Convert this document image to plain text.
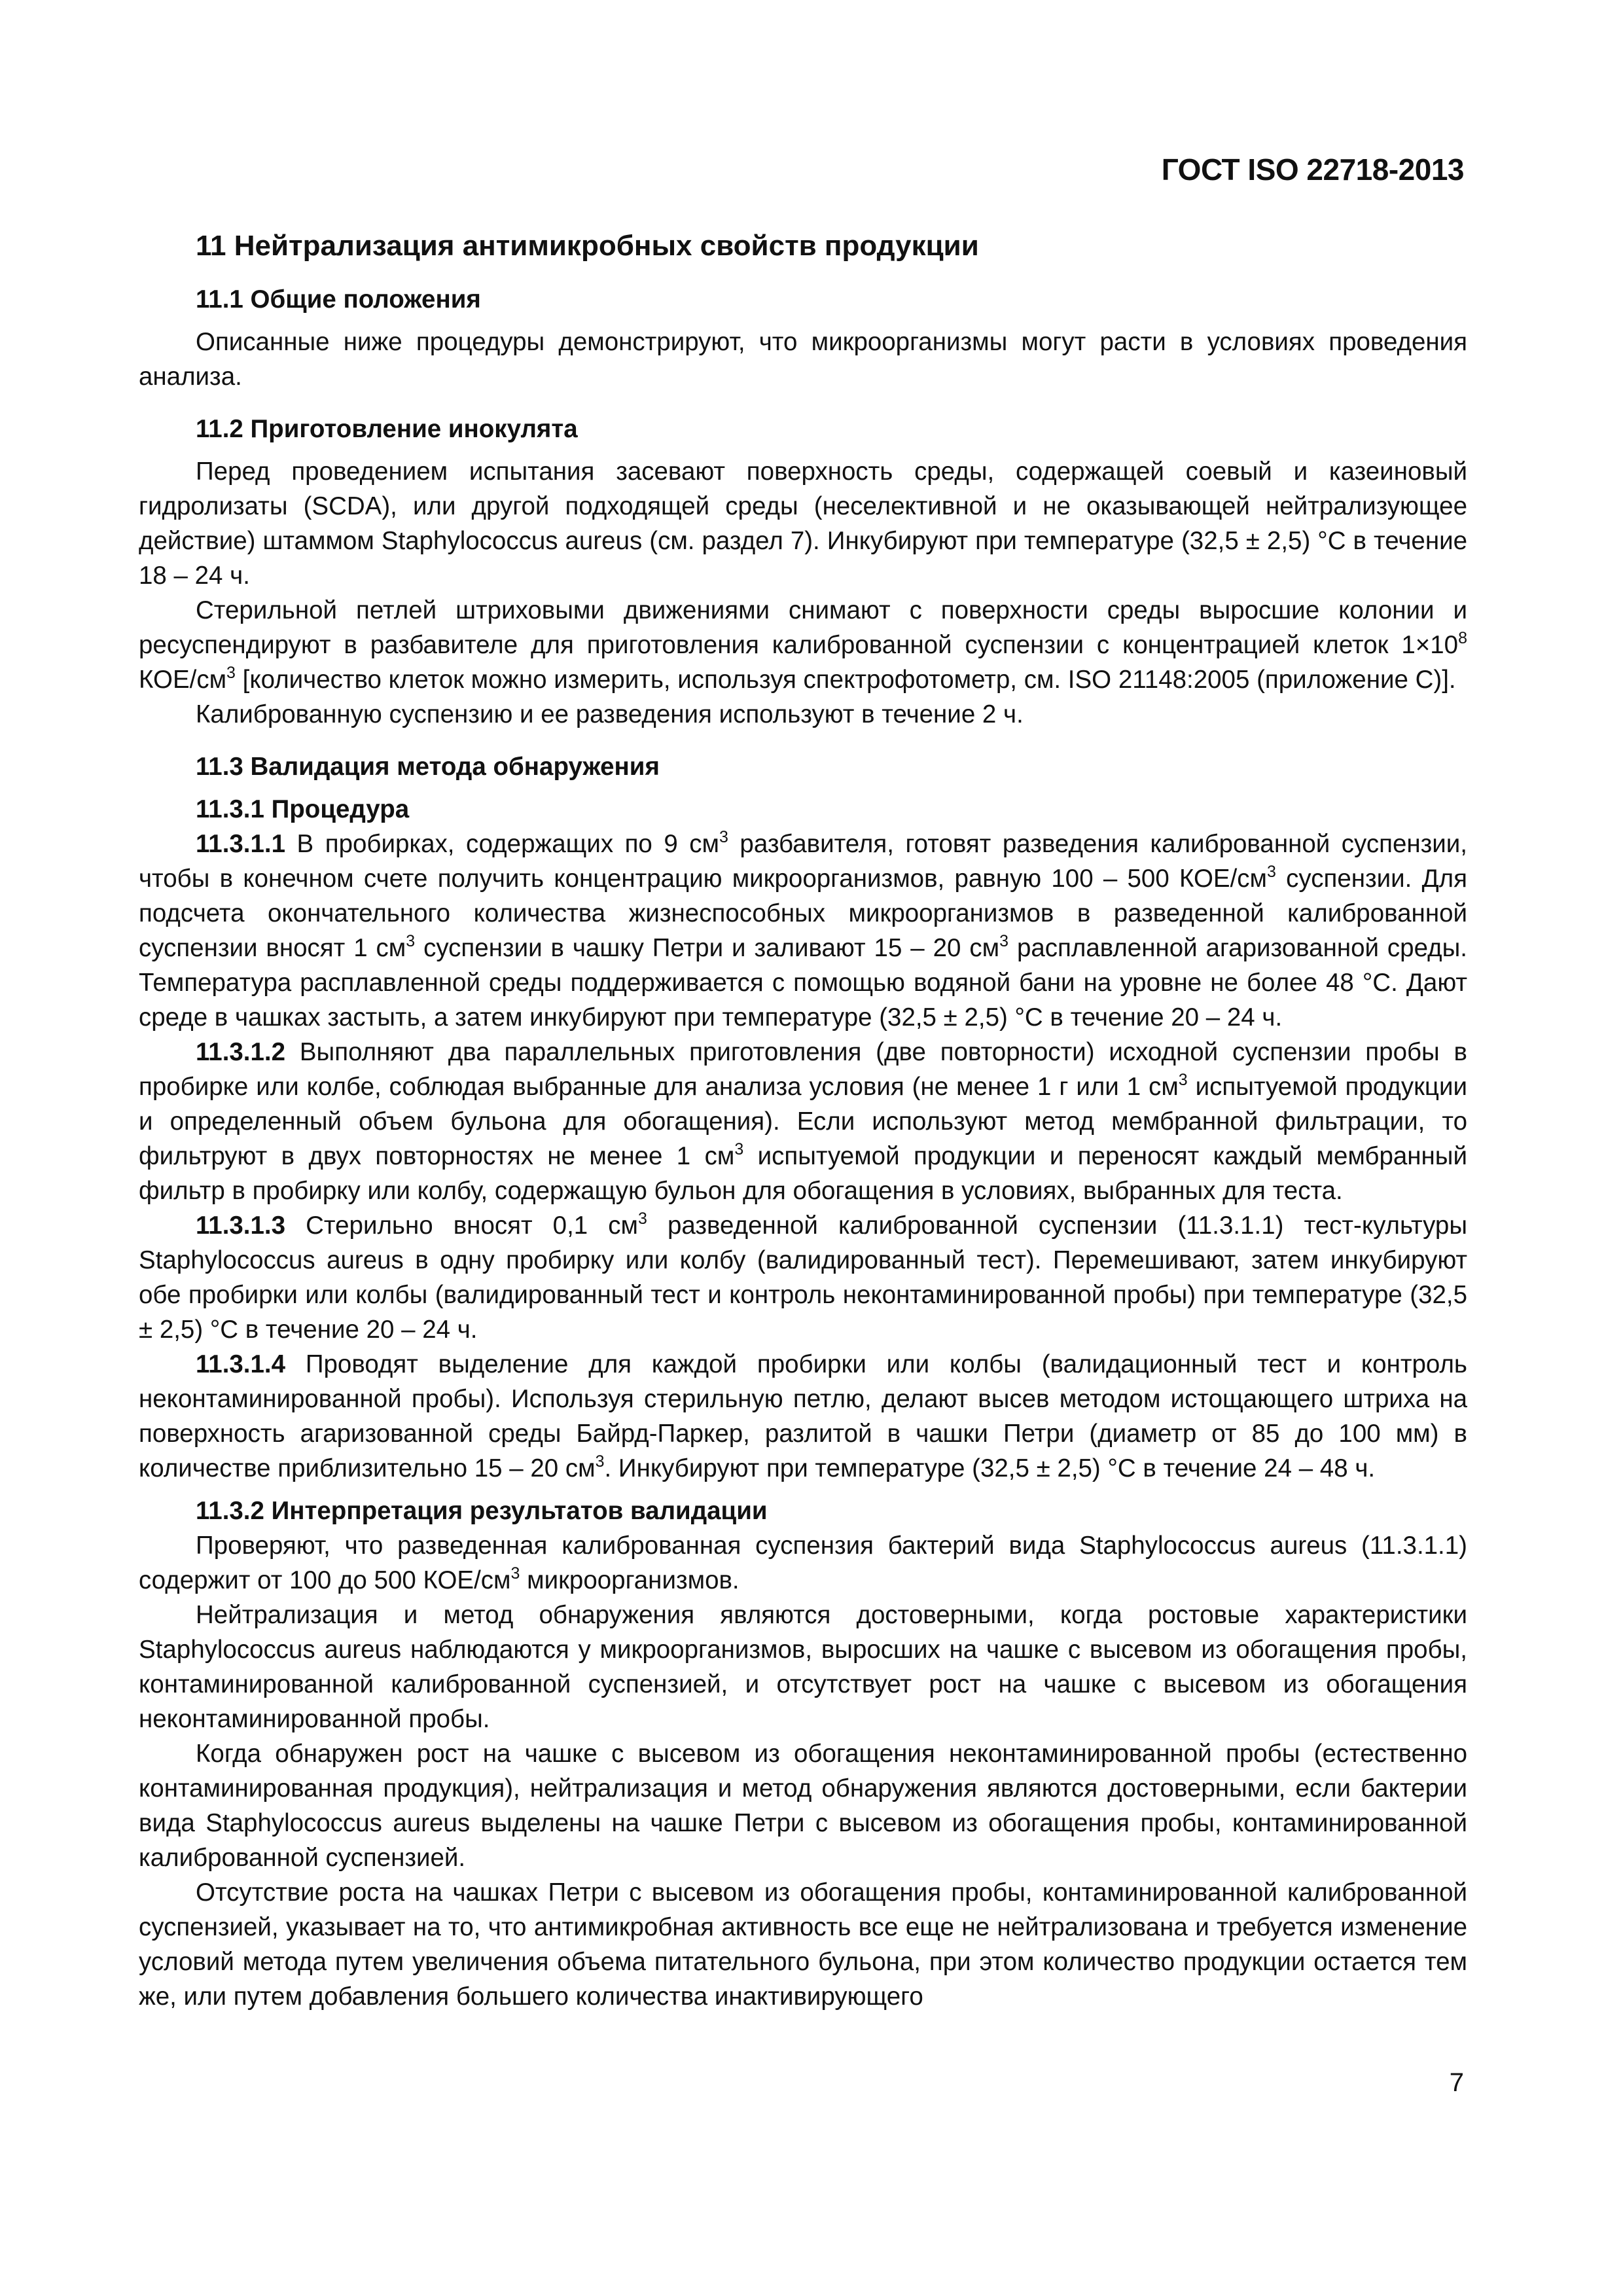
ГОСТ ISO 22718-2013
11 Нейтрализация антимикробных свойств продукции
11.1 Общие положения

Описанные ниже процедуры демонстрируют, что микроорганизмы могут расти в условиях проведения анализа.

11.2 Приготовление инокулята

Перед проведением испытания засевают поверхность среды, содержащей соевый и казеиновый гидролизаты (SCDA), или другой подходящей среды (неселективной и не оказывающей нейтрализующее действие) штаммом Staphylococcus aureus (см. раздел 7). Инкубируют при температуре (32,5 ± 2,5) °С в течение 18 – 24 ч.

Стерильной петлей штриховыми движениями снимают с поверхности среды выросшие колонии и ресуспендируют в разбавителе для приготовления калиброванной суспензии с концентрацией клеток $1\times 10^8$ КОЕ/$см^3$ [количество клеток можно измерить, используя спектрофотометр, см. ISO 21148:2005 (приложение С)].

Калиброванную суспензию и ее разведения используют в течение 2 ч.

11.3 Валидация метода обнаружения
11.3.1 Процедура

11.3.1.1 В пробирках, содержащих по 9 $см^3$ разбавителя, готовят разведения калиброванной суспензии, чтобы в конечном счете получить концентрацию микроорганизмов, равную 100 – 500 КОЕ/$см^3$ суспензии. Для подсчета окончательного количества жизнеспособных микроорганизмов в разведенной калиброванной суспензии вносят 1 $см^3$ суспензии в чашку Петри и заливают 15 – 20 $см^3$ расплавленной агаризованной среды. Температура расплавленной среды поддерживается с помощью водяной бани на уровне не более 48 °С. Дают среде в чашках застыть, а затем инкубируют при температуре (32,5 ± 2,5) °С в течение 20 – 24 ч.

11.3.1.2 Выполняют два параллельных приготовления (две повторности) исходной суспензии пробы в пробирке или колбе, соблюдая выбранные для анализа условия (не менее 1 г или 1 $см^3$ испытуемой продукции и определенный объем бульона для обогащения). Если используют метод мембранной фильтрации, то фильтруют в двух повторностях не менее 1 $см^3$ испытуемой продукции и переносят каждый мембранный фильтр в пробирку или колбу, содержащую бульон для обогащения в условиях, выбранных для теста.

11.3.1.3 Стерильно вносят 0,1 $см^3$ разведенной калиброванной суспензии (11.3.1.1) тест-культуры Staphylococcus aureus в одну пробирку или колбу (валидированный тест). Перемешивают, затем инкубируют обе пробирки или колбы (валидированный тест и контроль неконтаминированной пробы) при температуре (32,5 ± 2,5) °С в течение 20 – 24 ч.

11.3.1.4 Проводят выделение для каждой пробирки или колбы (валидационный тест и контроль неконтаминированной пробы). Используя стерильную петлю, делают высев методом истощающего штриха на поверхность агаризованной среды Байрд-Паркер, разлитой в чашки Петри (диаметр от 85 до 100 мм) в количестве приблизительно 15 – 20 $см^3$. Инкубируют при температуре (32,5 ± 2,5) °С в течение 24 – 48 ч.

11.3.2 Интерпретация результатов валидации

Проверяют, что разведенная калиброванная суспензия бактерий вида Staphylococcus aureus (11.3.1.1) содержит от 100 до 500 КОЕ/$см^3$ микроорганизмов.

Нейтрализация и метод обнаружения являются достоверными, когда ростовые характеристики Staphylococcus aureus наблюдаются у микроорганизмов, выросших на чашке с высевом из обогащения пробы, контаминированной калиброванной суспензией, и отсутствует рост на чашке с высевом из обогащения неконтаминированной пробы.

Когда обнаружен рост на чашке с высевом из обогащения неконтаминированной пробы (естественно контаминированная продукция), нейтрализация и метод обнаружения являются достоверными, если бактерии вида Staphylococcus aureus выделены на чашке Петри с высевом из обогащения пробы, контаминированной калиброванной суспензией.

Отсутствие роста на чашках Петри с высевом из обогащения пробы, контаминированной калиброванной суспензией, указывает на то, что антимикробная активность все еще не нейтрализована и требуется изменение условий метода путем увеличения объема питательного бульона, при этом количество продукции остается тем же, или путем добавления большего количества инактивирующего

7
